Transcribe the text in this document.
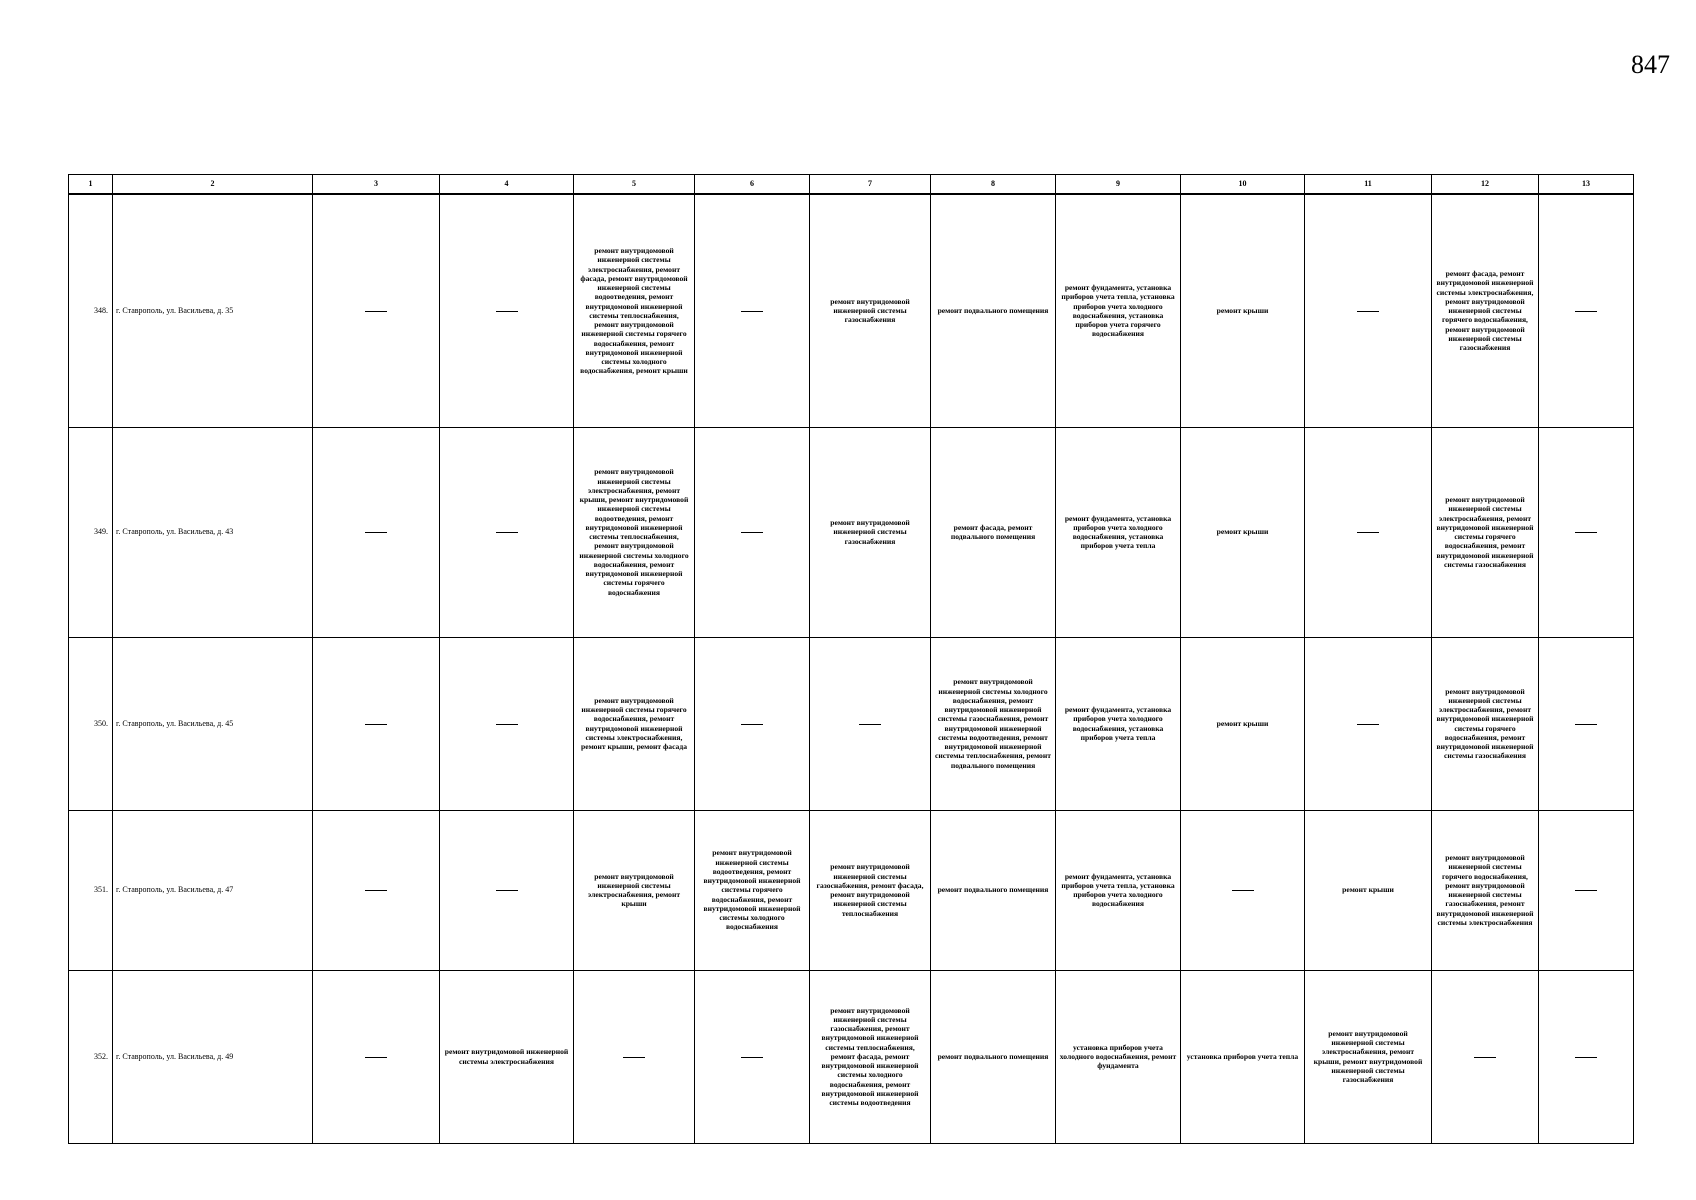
847
1	2	3	4	5	6	7	8	9	10	11	12	13
348.	г. Ставрополь, ул. Васильева, д. 35			ремонт внутридомовой инженерной системы электроснабжения, ремонт фасада, ремонт внутридомовой инженерной системы водоотведения, ремонт внутридомовой инженерной системы теплоснабжения, ремонт внутридомовой инженерной системы горячего водоснабжения, ремонт внутридомовой инженерной системы холодного водоснабжения, ремонт крыши		ремонт внутридомовой инженерной системы газоснабжения	ремонт подвального помещения	ремонт фундамента, установка приборов учета тепла, установка приборов учета холодного водоснабжения, установка приборов учета горячего водоснабжения	ремонт крыши		ремонт фасада, ремонт внутридомовой инженерной системы электроснабжения, ремонт внутридомовой инженерной системы горячего водоснабжения, ремонт внутридомовой инженерной системы газоснабжения	

349.	г. Ставрополь, ул. Васильева, д. 43			ремонт внутридомовой инженерной системы электроснабжения, ремонт крыши, ремонт внутридомовой инженерной системы водоотведения, ремонт внутридомовой инженерной системы теплоснабжения, ремонт внутридомовой инженерной системы холодного водоснабжения, ремонт внутридомовой инженерной системы горячего водоснабжения		ремонт внутридомовой инженерной системы газоснабжения	ремонт фасада, ремонт подвального помещения	ремонт фундамента, установка приборов учета холодного водоснабжения, установка приборов учета тепла	ремонт крыши		ремонт внутридомовой инженерной системы электроснабжения, ремонт внутридомовой инженерной системы горячего водоснабжения, ремонт внутридомовой инженерной системы газоснабжения	

350.	г. Ставрополь, ул. Васильева, д. 45			ремонт внутридомовой инженерной системы горячего водоснабжения, ремонт внутридомовой инженерной системы электроснабжения, ремонт крыши, ремонт фасада			ремонт внутридомовой инженерной системы холодного водоснабжения, ремонт внутридомовой инженерной системы газоснабжения, ремонт внутридомовой инженерной системы водоотведения, ремонт внутридомовой инженерной системы теплоснабжения, ремонт подвального помещения	ремонт фундамента, установка приборов учета холодного водоснабжения, установка приборов учета тепла	ремонт крыши		ремонт внутридомовой инженерной системы электроснабжения, ремонт внутридомовой инженерной системы горячего водоснабжения, ремонт внутридомовой инженерной системы газоснабжения	

351.	г. Ставрополь, ул. Васильева, д. 47			ремонт внутридомовой инженерной системы электроснабжения, ремонт крыши	ремонт внутридомовой инженерной системы водоотведения, ремонт внутридомовой инженерной системы горячего водоснабжения, ремонт внутридомовой инженерной системы холодного водоснабжения	ремонт внутридомовой инженерной системы газоснабжения, ремонт фасада, ремонт внутридомовой инженерной системы теплоснабжения	ремонт подвального помещения	ремонт фундамента, установка приборов учета тепла, установка приборов учета холодного водоснабжения		ремонт крыши	ремонт внутридомовой инженерной системы горячего водоснабжения, ремонт внутридомовой инженерной системы газоснабжения, ремонт внутридомовой инженерной системы электроснабжения	

352.	г. Ставрополь, ул. Васильева, д. 49		ремонт внутридомовой инженерной системы электроснабжения			ремонт внутридомовой инженерной системы газоснабжения, ремонт внутридомовой инженерной системы теплоснабжения, ремонт фасада, ремонт внутридомовой инженерной системы холодного водоснабжения, ремонт внутридомовой инженерной системы водоотведения	ремонт подвального помещения	установка приборов учета холодного водоснабжения, ремонт фундамента	установка приборов учета тепла	ремонт внутридомовой инженерной системы электроснабжения, ремонт крыши, ремонт внутридомовой инженерной системы газоснабжения		
